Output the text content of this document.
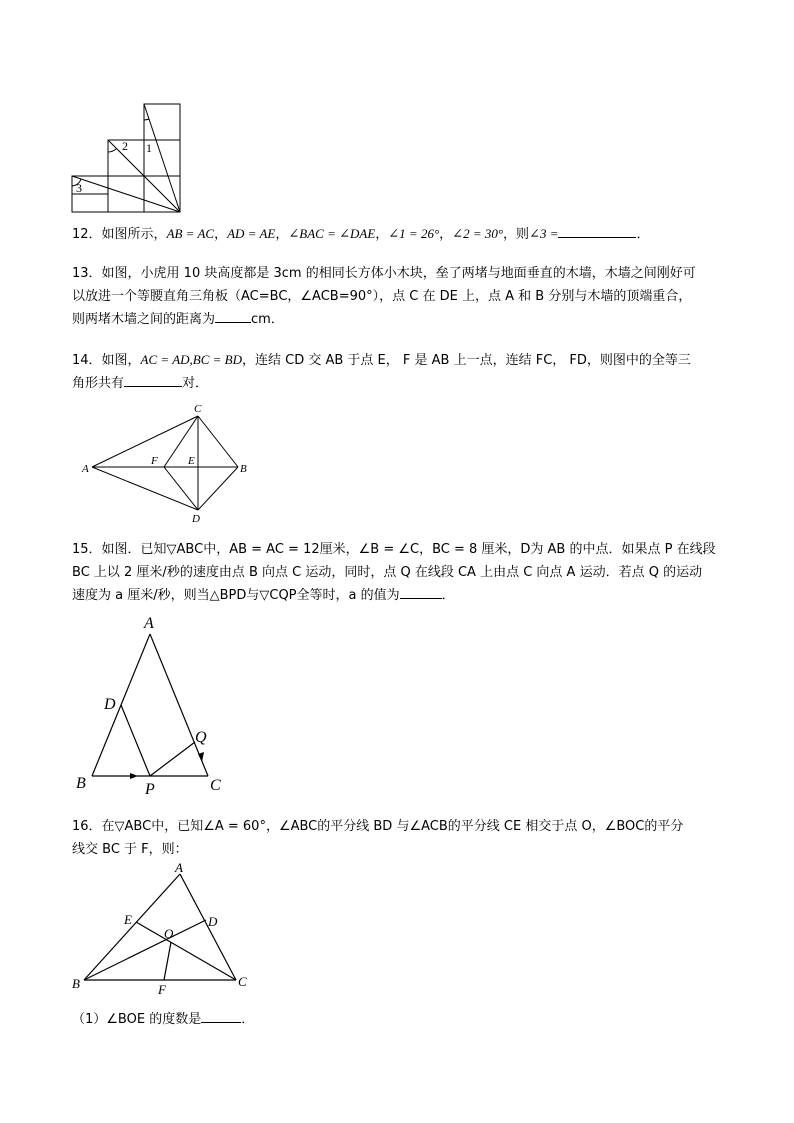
1
2
3

12．如图所示，AB = AC，AD = AE，∠BAC = ∠DAE，∠1 = 26°，∠2 = 30°，则∠3 =	．

13．如图，小虎用 10 块高度都是 3cm 的相同长方体小木块，垒了两堵与地面垂直的木墙，木墙之间刚好可
以放进一个等腰直角三角板（AC=BC，∠ACB=90°），点 C 在 DE 上，点 A 和 B 分别与木墙的顶端重合，
则两堵木墙之间的距离为	cm．
14．如图，AC = AD,BC = BD，连结 CD 交 AB 于点 E， F 是 AB 上一点，连结 FC， FD，则图中的全等三
角形共有	对．
A	B
C
D
E
F
15．如图．已知▽ABC中，AB = AC = 12厘米，∠B = ∠C，BC = 8 厘米，D为 AB 的中点．如果点 P 在线段
BC 上以 2 厘米/秒的速度由点 B 向点 C 运动，同时，点 Q 在线段 CA 上由点 C 向点 A 运动．若点 Q 的运动
速度为 a 厘米/秒，则当△BPD与▽CQP全等时，a 的值为	．
A
B	C
D
P
Q
16．在▽ABC中，已知∠A = 60°，∠ABC的平分线 BD 与∠ACB的平分线 CE 相交于点 O，∠BOC的平分
线交 BC 于 F，则：
A
B	C
D
E
F
O

（1）∠BOE 的度数是	．
